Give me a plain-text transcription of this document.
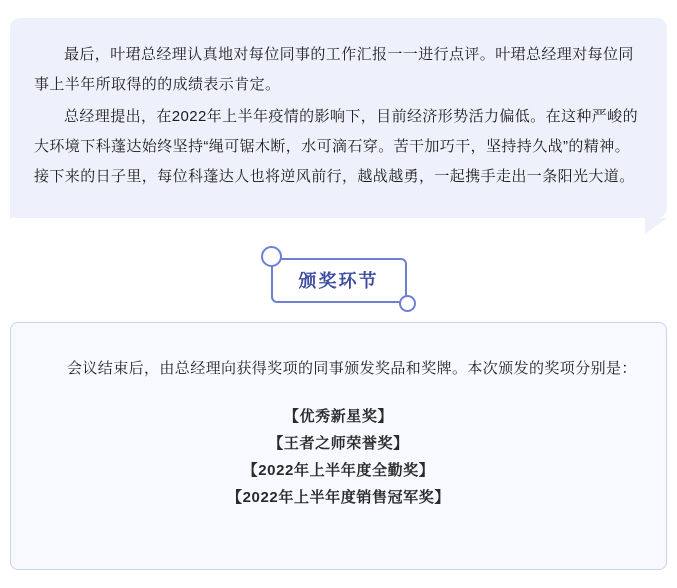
最后，叶珺总经理认真地对每位同事的工作汇报一一进行点评。叶珺总经理对每位同事上半年所取得的的成绩表示肯定。

总经理提出，在2022年上半年疫情的影响下，目前经济形势活力偏低。在这种严峻的大环境下科蓬达始终坚持“绳可锯木断，水可滴石穿。苦干加巧干，坚持持久战”的精神。接下来的日子里，每位科蓬达人也将逆风前行，越战越勇，一起携手走出一条阳光大道。

颁奖环节

会议结束后，由总经理向获得奖项的同事颁发奖品和奖牌。本次颁发的奖项分别是：

【优秀新星奖】
【王者之师荣誉奖】
【2022年上半年度全勤奖】
【2022年上半年度销售冠军奖】
